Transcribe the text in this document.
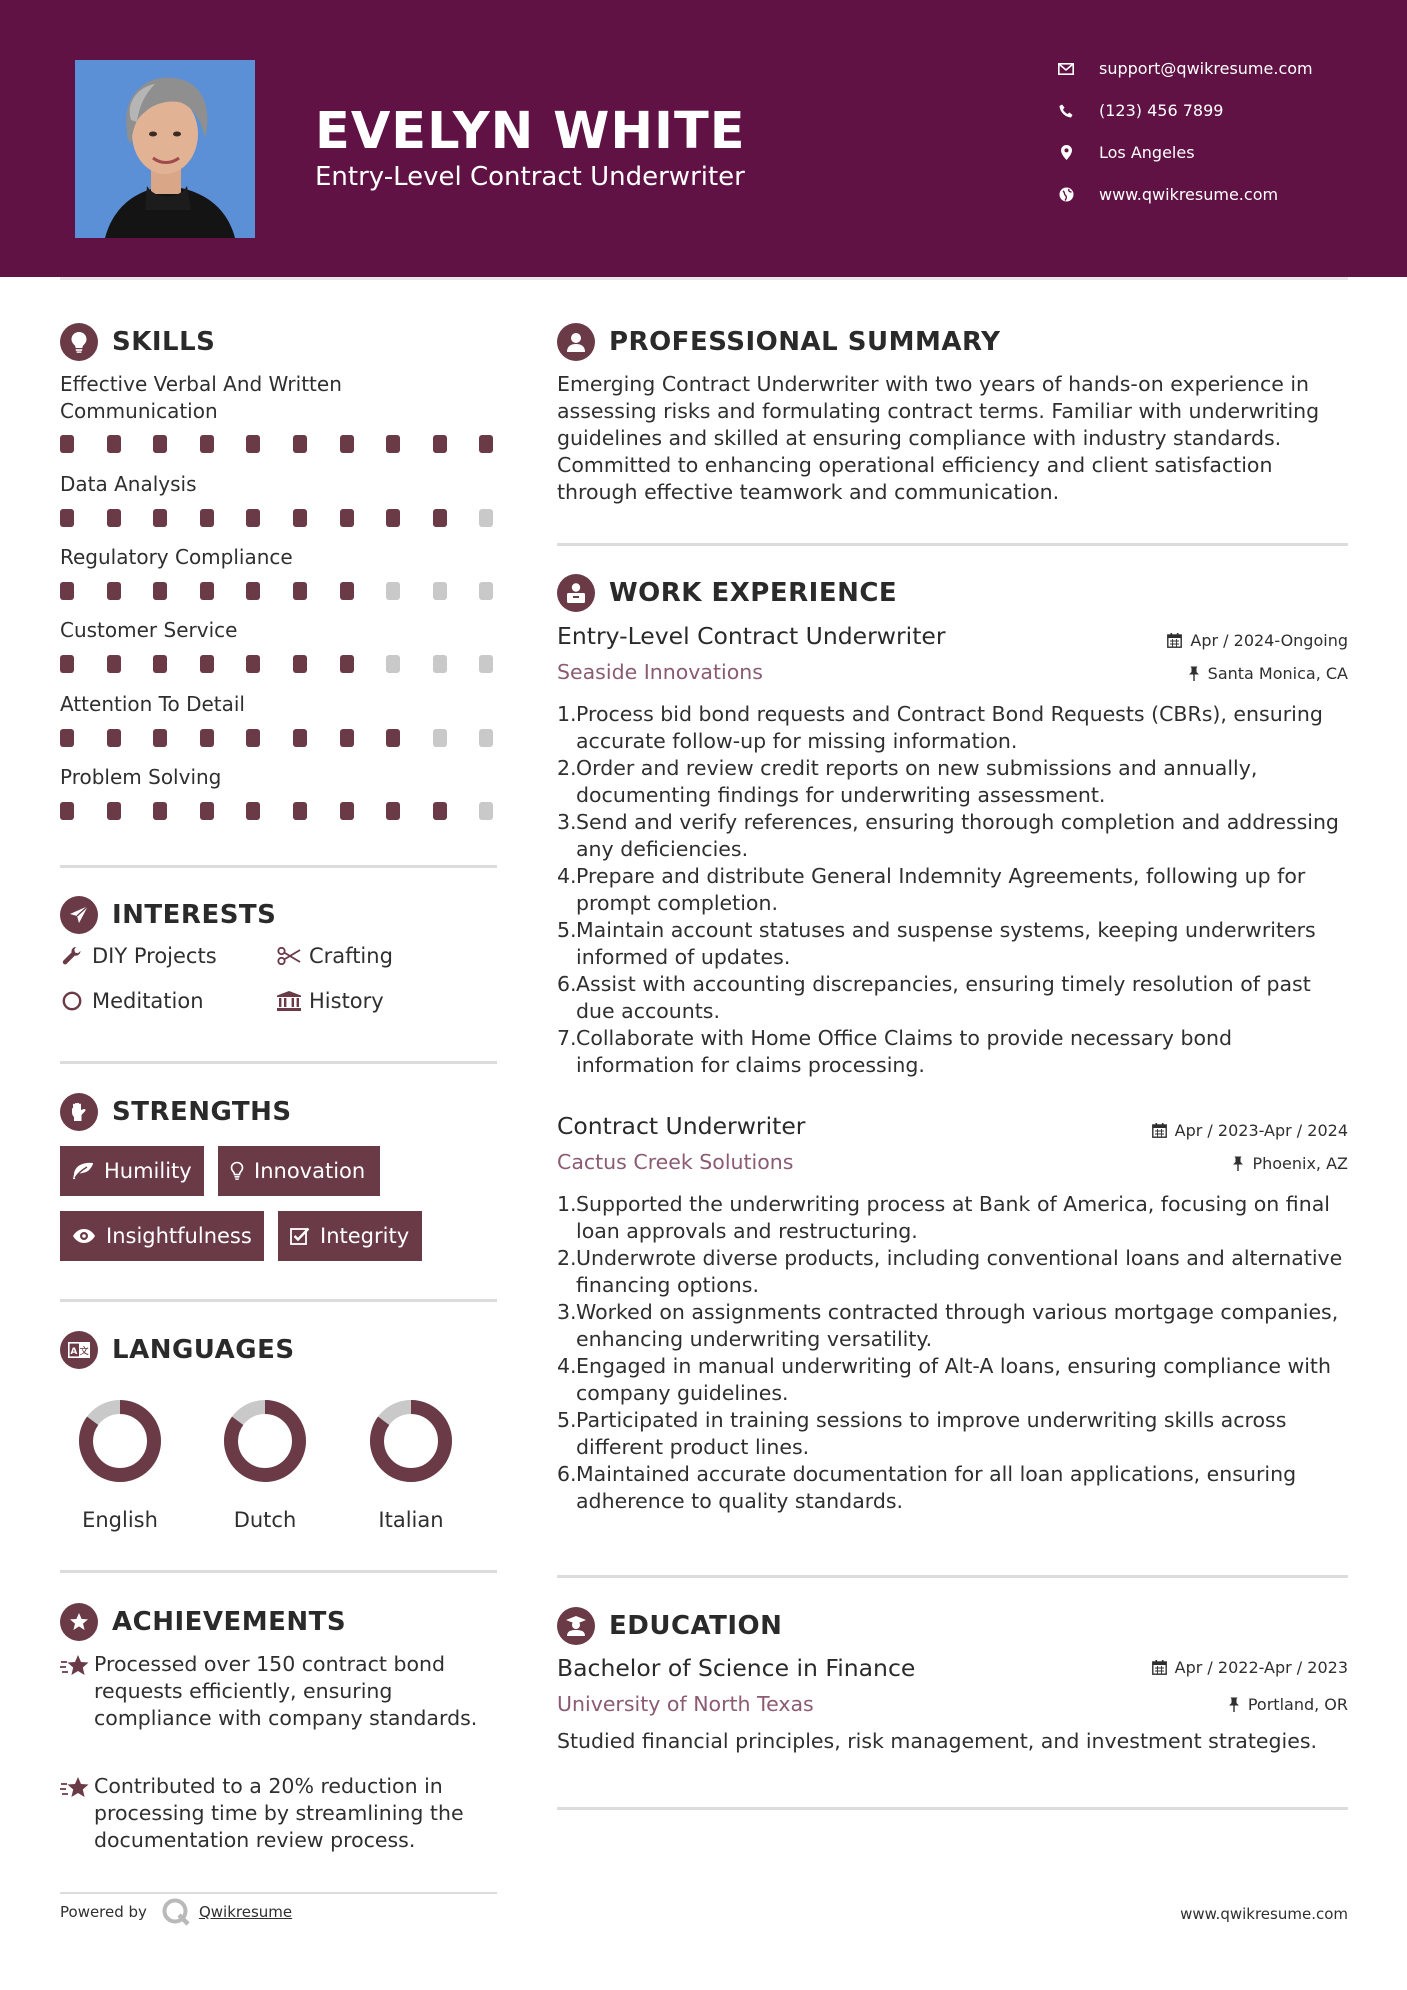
EVELYN WHITE
Entry-Level Contract Underwriter
support@qwikresume.com
(123) 456 7899
Los Angeles
www.qwikresume.com
SKILLS
Effective Verbal And Written Communication
Data Analysis
Regulatory Compliance
Customer Service
Attention To Detail
Problem Solving
INTERESTS
DIY Projects	Crafting
Meditation	History
STRENGTHS
Humility	Innovation
Insightfulness	Integrity
A 文 LANGUAGES
English	Dutch	Italian
ACHIEVEMENTS
Processed over 150 contract bond requests efficiently, ensuring compliance with company standards.
Contributed to a 20% reduction in processing time by streamlining the documentation review process.
PROFESSIONAL SUMMARY
Emerging Contract Underwriter with two years of hands-on experience in assessing risks and formulating contract terms. Familiar with underwriting guidelines and skilled at ensuring compliance with industry standards. Committed to enhancing operational efficiency and client satisfaction through effective teamwork and communication.
WORK EXPERIENCE
Entry-Level Contract Underwriter	Apr / 2024-Ongoing
Seaside Innovations	Santa Monica, CA
1. Process bid bond requests and Contract Bond Requests (CBRs), ensuring accurate follow-up for missing information.
2. Order and review credit reports on new submissions and annually, documenting findings for underwriting assessment.
3. Send and verify references, ensuring thorough completion and addressing any deficiencies.
4. Prepare and distribute General Indemnity Agreements, following up for prompt completion.
5. Maintain account statuses and suspense systems, keeping underwriters informed of updates.
6. Assist with accounting discrepancies, ensuring timely resolution of past due accounts.
7. Collaborate with Home Office Claims to provide necessary bond information for claims processing.
Contract Underwriter	Apr / 2023-Apr / 2024
Cactus Creek Solutions	Phoenix, AZ
1. Supported the underwriting process at Bank of America, focusing on final loan approvals and restructuring.
2. Underwrote diverse products, including conventional loans and alternative financing options.
3. Worked on assignments contracted through various mortgage companies, enhancing underwriting versatility.
4. Engaged in manual underwriting of Alt-A loans, ensuring compliance with company guidelines.
5. Participated in training sessions to improve underwriting skills across different product lines.
6. Maintained accurate documentation for all loan applications, ensuring adherence to quality standards.
EDUCATION
Bachelor of Science in Finance	Apr / 2022-Apr / 2023
University of North Texas	Portland, OR
Studied financial principles, risk management, and investment strategies.
Powered by	Qwikresume	www.qwikresume.com
